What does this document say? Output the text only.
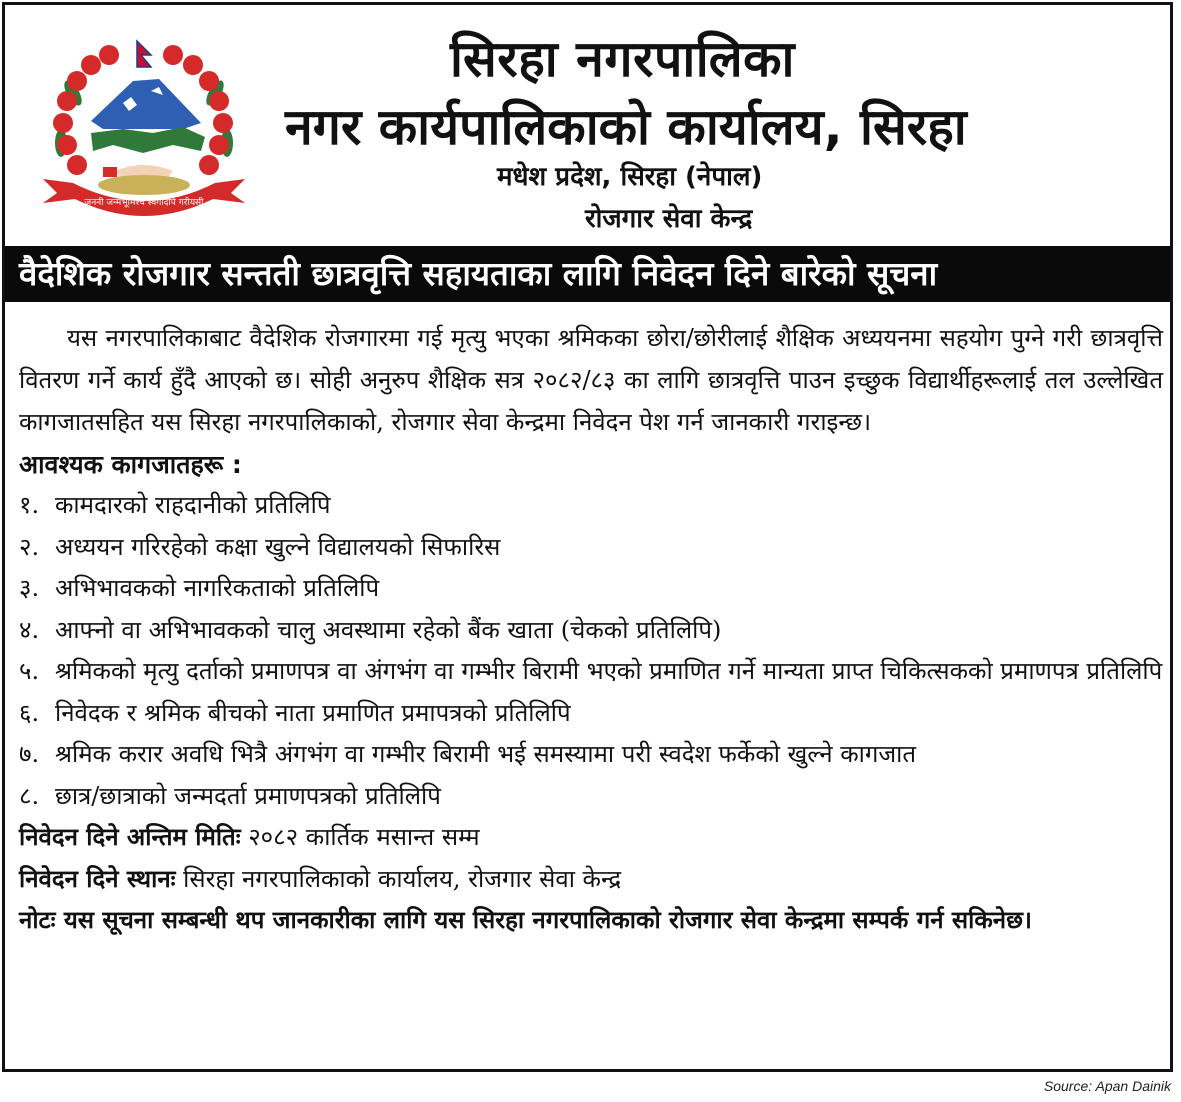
जननी जन्मभूमिश्च स्वर्गादपि गरीयसी
सिरहा नगरपालिका
नगर कार्यपालिकाको कार्यालय, सिरहा
मधेश प्रदेश, सिरहा (नेपाल)
रोजगार सेवा केन्द्र
वैदेशिक रोजगार सन्तती छात्रवृत्ति सहायताका लागि निवेदन दिने बारेको सूचना

यस नगरपालिकाबाट वैदेशिक रोजगारमा गई मृत्यु भएका श्रमिकका छोरा/छोरीलाई शैक्षिक अध्ययनमा सहयोग पुग्ने गरी छात्रवृत्ति वितरण गर्ने कार्य हुँदै आएको छ। सोही अनुरुप शैक्षिक सत्र २०८२/८३ का लागि छात्रवृत्ति पाउन इच्छुक विद्यार्थीहरूलाई तल उल्लेखित कागजातसहित यस सिरहा नगरपालिकाको, रोजगार सेवा केन्द्रमा निवेदन पेश गर्न जानकारी गराइन्छ।

आवश्यक कागजातहरू :
१. कामदारको राहदानीको प्रतिलिपि
२. अध्ययन गरिरहेको कक्षा खुल्ने विद्यालयको सिफारिस
३. अभिभावकको नागरिकताको प्रतिलिपि
४. आफ्नो वा अभिभावकको चालु अवस्थामा रहेको बैंक खाता (चेकको प्रतिलिपि)
५. श्रमिकको मृत्यु दर्ताको प्रमाणपत्र वा अंगभंग वा गम्भीर बिरामी भएको प्रमाणित गर्ने मान्यता प्राप्त चिकित्सकको प्रमाणपत्र प्रतिलिपि
६. निवेदक र श्रमिक बीचको नाता प्रमाणित प्रमापत्रको प्रतिलिपि
७. श्रमिक करार अवधि भित्रै अंगभंग वा गम्भीर बिरामी भई समस्यामा परी स्वदेश फर्केको खुल्ने कागजात
८. छात्र/छात्राको जन्मदर्ता प्रमाणपत्रको प्रतिलिपि
निवेदन दिने अन्तिम मितिः २०८२ कार्तिक मसान्त सम्म
निवेदन दिने स्थानः सिरहा नगरपालिकाको कार्यालय, रोजगार सेवा केन्द्र
नोटः यस सूचना सम्बन्धी थप जानकारीका लागि यस सिरहा नगरपालिकाको रोजगार सेवा केन्द्रमा सम्पर्क गर्न सकिनेछ।
Source: Apan Dainik
